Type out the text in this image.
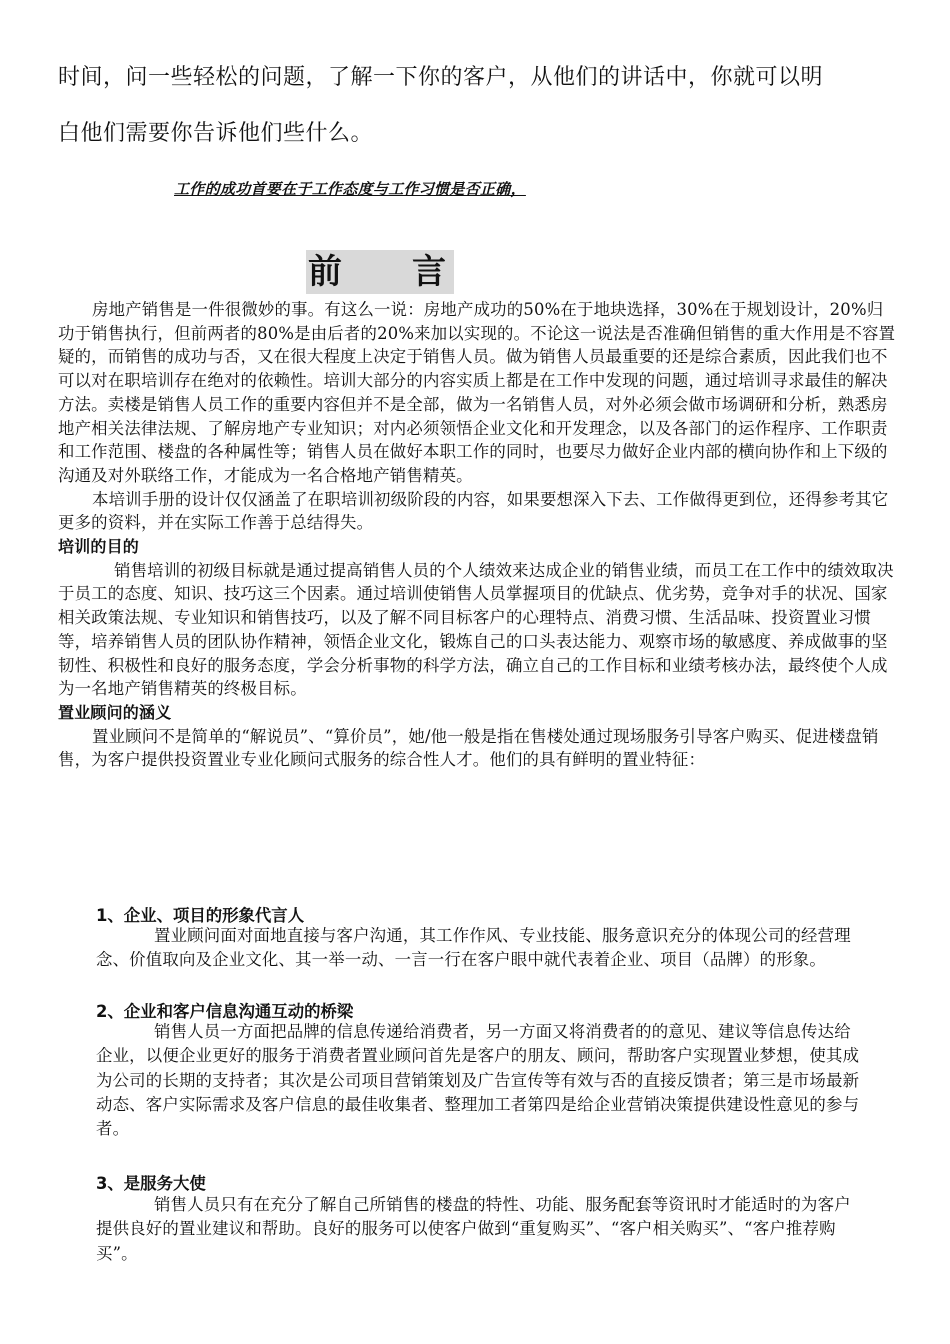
时间，问一些轻松的问题，了解一下你的客户，从他们的讲话中，你就可以明

白他们需要你告诉他们些什么。

工作的成功首要在于工作态度与工作习惯是否正确，
前 言

房地产销售是一件很微妙的事。有这么一说：房地产成功的50%在于地块选择，30%在于规划设计，20%归功于销售执行，但前两者的80%是由后者的20%来加以实现的。不论这一说法是否准确但销售的重大作用是不容置疑的，而销售的成功与否，又在很大程度上决定于销售人员。做为销售人员最重要的还是综合素质，因此我们也不可以对在职培训存在绝对的依赖性。培训大部分的内容实质上都是在工作中发现的问题，通过培训寻求最佳的解决方法。卖楼是销售人员工作的重要内容但并不是全部，做为一名销售人员，对外必须会做市场调研和分析，熟悉房地产相关法律法规、了解房地产专业知识；对内必须领悟企业文化和开发理念，以及各部门的运作程序、工作职责和工作范围、楼盘的各种属性等；销售人员在做好本职工作的同时，也要尽力做好企业内部的横向协作和上下级的沟通及对外联络工作，才能成为一名合格地产销售精英。

本培训手册的设计仅仅涵盖了在职培训初级阶段的内容，如果要想深入下去、工作做得更到位，还得参考其它更多的资料，并在实际工作善于总结得失。

培训的目的

销售培训的初级目标就是通过提高销售人员的个人绩效来达成企业的销售业绩，而员工在工作中的绩效取决于员工的态度、知识、技巧这三个因素。通过培训使销售人员掌握项目的优缺点、优劣势，竞争对手的状况、国家相关政策法规、专业知识和销售技巧，以及了解不同目标客户的心理特点、消费习惯、生活品味、投资置业习惯等，培养销售人员的团队协作精神，领悟企业文化，锻炼自己的口头表达能力、观察市场的敏感度、养成做事的坚韧性、积极性和良好的服务态度，学会分析事物的科学方法，确立自己的工作目标和业绩考核办法，最终使个人成为一名地产销售精英的终极目标。

置业顾问的涵义

置业顾问不是简单的“解说员”、“算价员”，她/他一般是指在售楼处通过现场服务引导客户购买、促进楼盘销售，为客户提供投资置业专业化顾问式服务的综合性人才。他们的具有鲜明的置业特征：

1、企业、项目的形象代言人

置业顾问面对面地直接与客户沟通，其工作作风、专业技能、服务意识充分的体现公司的经营理念、价值取向及企业文化、其一举一动、一言一行在客户眼中就代表着企业、项目（品牌）的形象。

2、企业和客户信息沟通互动的桥梁

销售人员一方面把品牌的信息传递给消费者，另一方面又将消费者的的意见、建议等信息传达给企业，以便企业更好的服务于消费者置业顾问首先是客户的朋友、顾问，帮助客户实现置业梦想，使其成为公司的长期的支持者；其次是公司项目营销策划及广告宣传等有效与否的直接反馈者；第三是市场最新动态、客户实际需求及客户信息的最佳收集者、整理加工者第四是给企业营销决策提供建设性意见的参与者。

3、是服务大使

销售人员只有在充分了解自己所销售的楼盘的特性、功能、服务配套等资讯时才能适时的为客户提供良好的置业建议和帮助。良好的服务可以使客户做到“重复购买”、“客户相关购买”、“客户推荐购买”。
